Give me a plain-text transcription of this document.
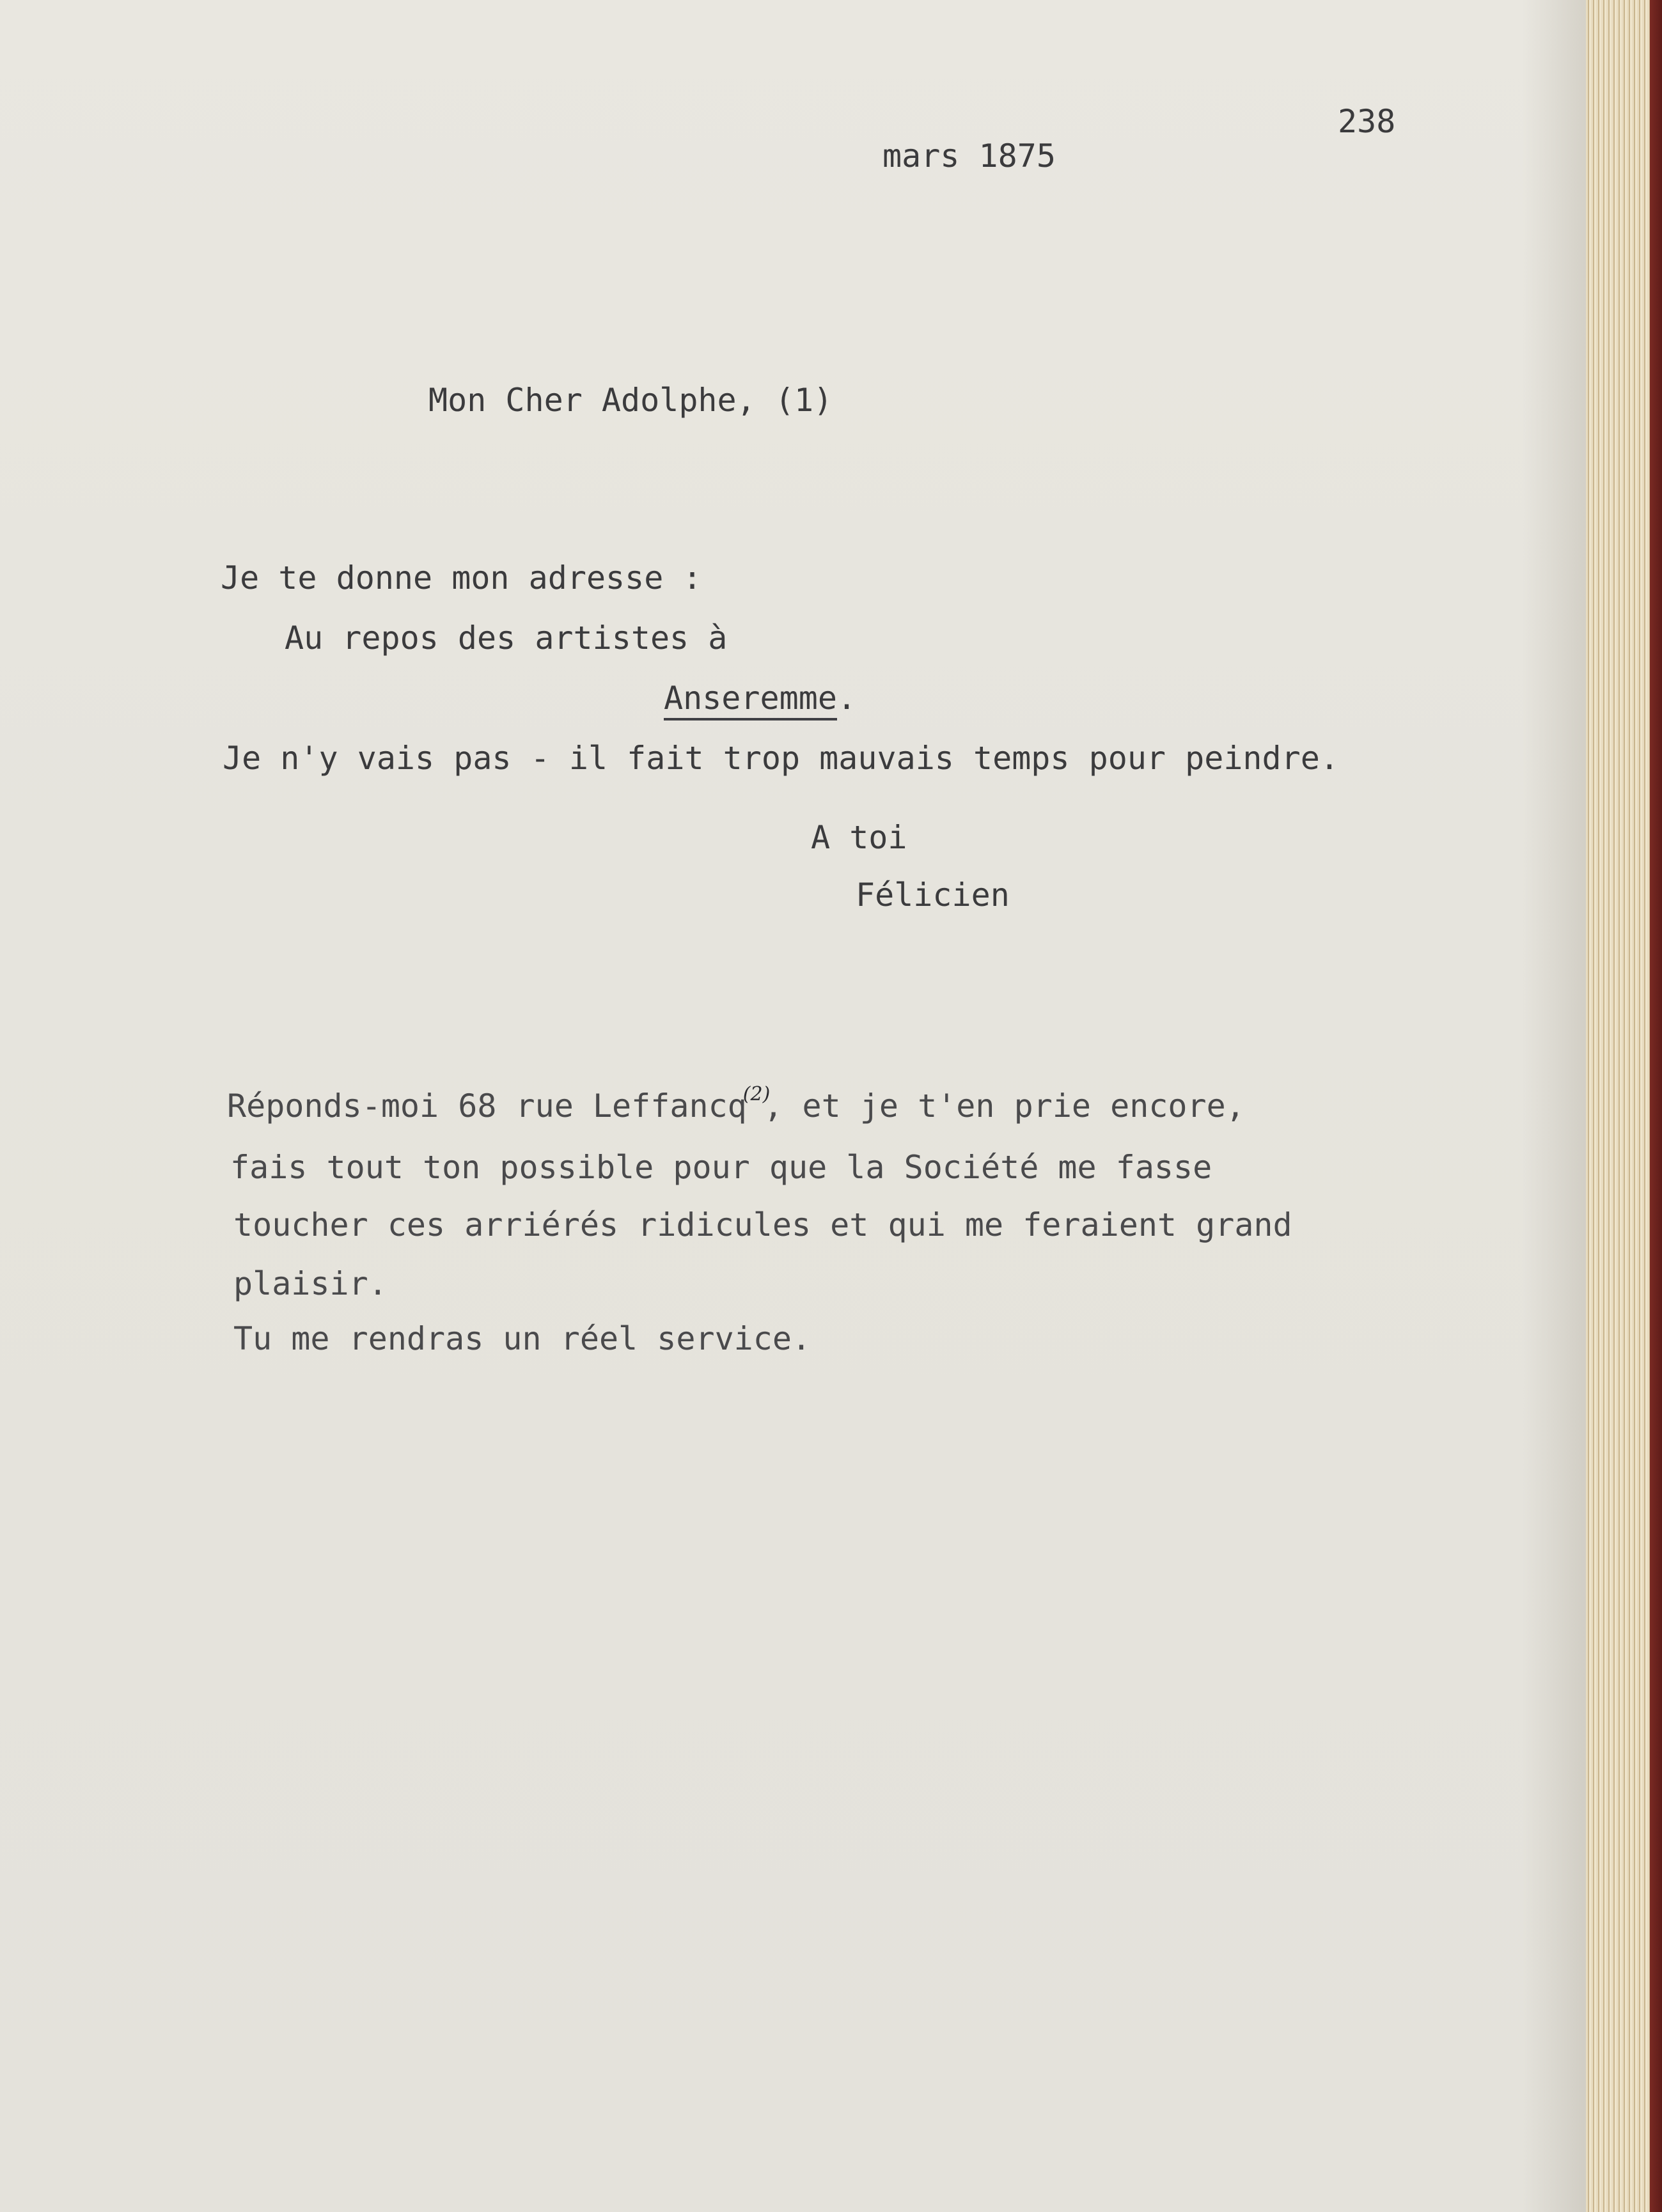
238

mars 1875

Mon Cher Adolphe, (1)

Je te donne mon adresse :

Au repos des artistes à

Anseremme.

Je n'y vais pas - il fait trop mauvais temps pour peindre.

A toi

Félicien

Réponds-moi 68 rue Leffancq$^{(2)}$, et je t'en prie encore,

fais tout ton possible pour que la Société me fasse

toucher ces arriérés ridicules et qui me feraient grand

plaisir.

Tu me rendras un réel service.
